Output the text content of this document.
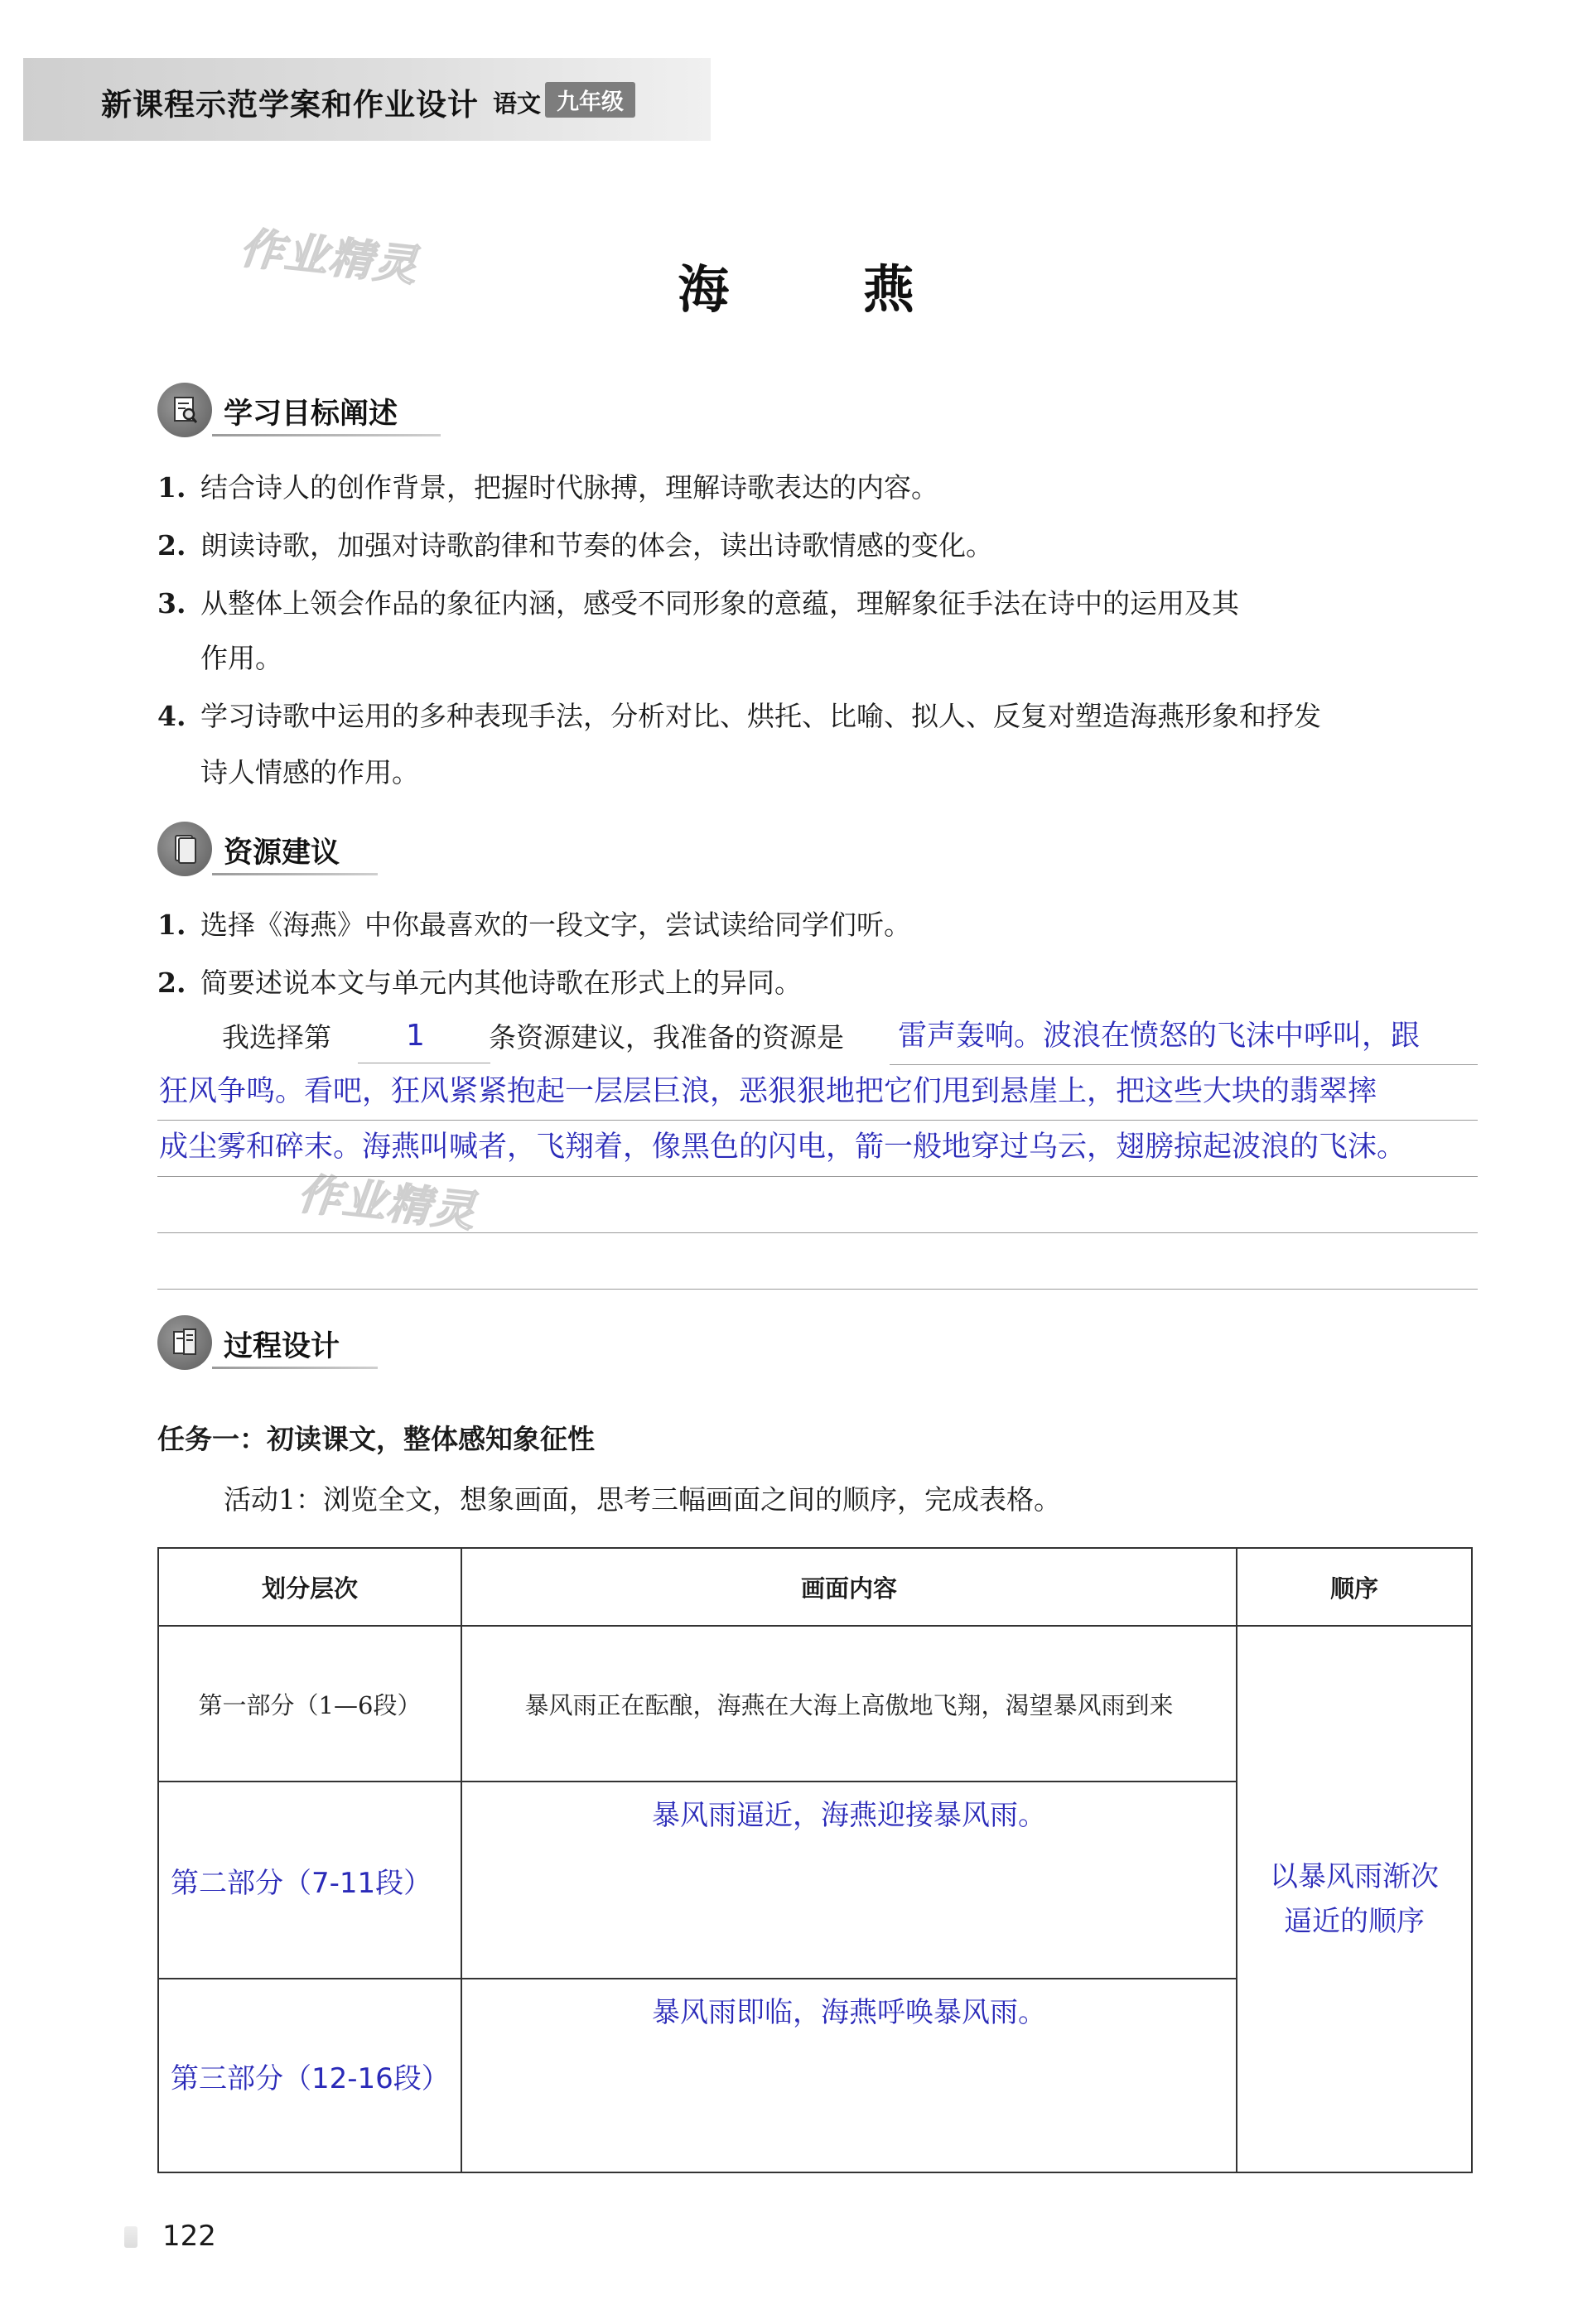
新课程示范学案和作业设计 语文 九年级
作业精灵
作业精灵
海 燕
学习目标阐述
1. 结合诗人的创作背景，把握时代脉搏，理解诗歌表达的内容。
2. 朗读诗歌，加强对诗歌韵律和节奏的体会，读出诗歌情感的变化。
3. 从整体上领会作品的象征内涵，感受不同形象的意蕴，理解象征手法在诗中的运用及其
作用。
4. 学习诗歌中运用的多种表现手法，分析对比、烘托、比喻、拟人、反复对塑造海燕形象和抒发
诗人情感的作用。
资源建议
1. 选择《海燕》中你最喜欢的一段文字，尝试读给同学们听。
2. 简要述说本文与单元内其他诗歌在形式上的异同。
我选择第	1 条资源建议，我准备的资源是 雷声轰响。波浪在愤怒的飞沫中呼叫，跟
狂风争鸣。看吧，狂风紧紧抱起一层层巨浪，恶狠狠地把它们甩到悬崖上，把这些大块的翡翠摔
成尘雾和碎末。海燕叫喊者，飞翔着，像黑色的闪电，箭一般地穿过乌云，翅膀掠起波浪的飞沫。
过程设计
任务一：初读课文，整体感知象征性
活动1：浏览全文，想象画面，思考三幅画面之间的顺序，完成表格。
划分层次	画面内容	顺序
第一部分（1—6段）	暴风雨正在酝酿，海燕在大海上高傲地飞翔，渴望暴风雨到来	以暴风雨渐次
逼近的顺序

第二部分（7-11段）	暴风雨逼近，海燕迎接暴风雨。	
第三部分（12-16段）	暴风雨即临，海燕呼唤暴风雨。	
122
